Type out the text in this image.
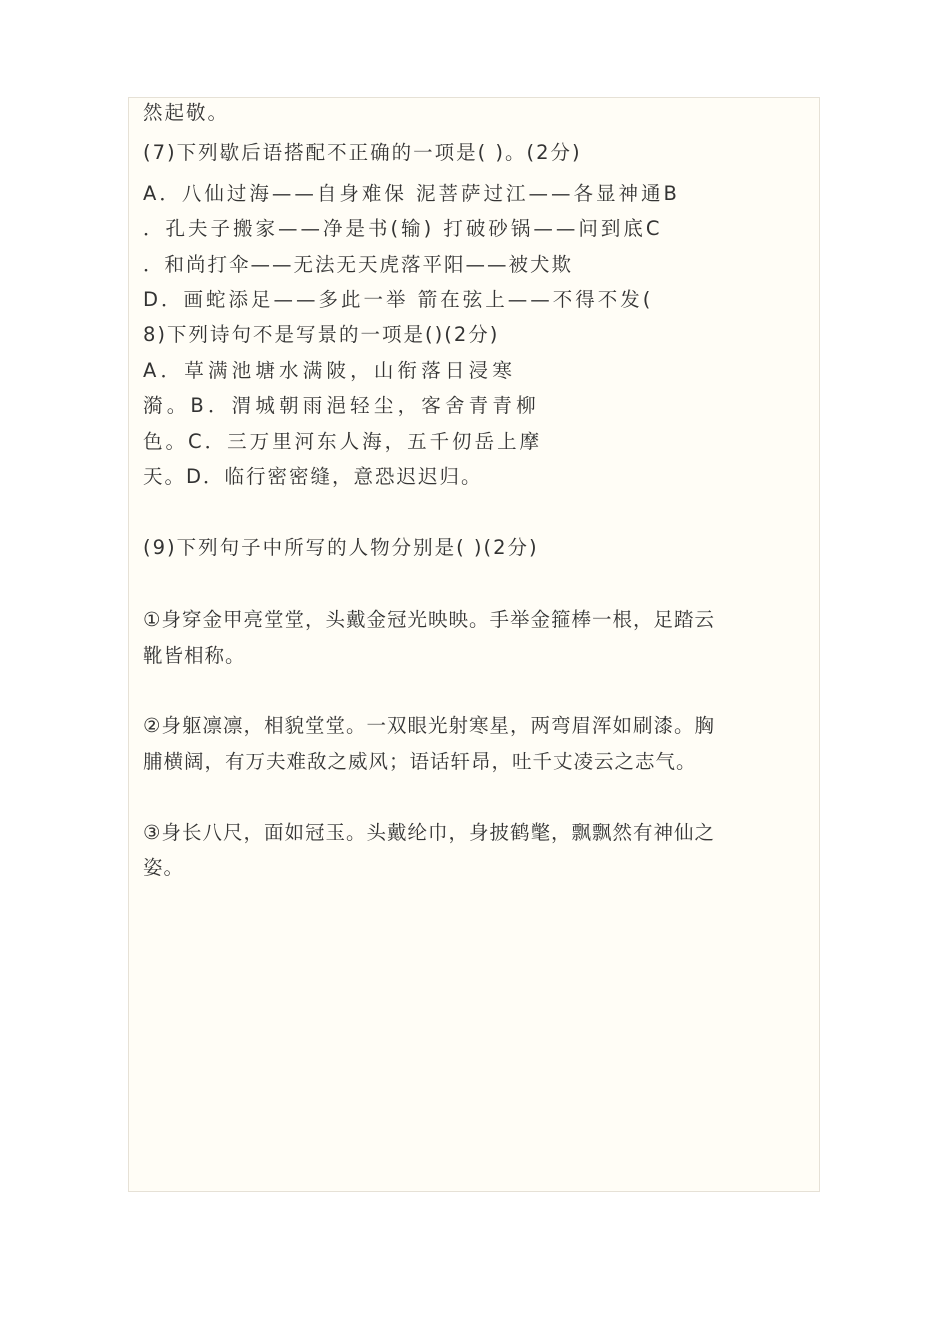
然起敬。
(7)下列歇后语搭配不正确的一项是( )。(2分)
A．八仙过海——自身难保 泥菩萨过江——各显神通B
．孔夫子搬家——净是书(输) 打破砂锅——问到底C
．和尚打伞——无法无天虎落平阳——被犬欺
D．画蛇添足——多此一举 箭在弦上——不得不发(
8)下列诗句不是写景的一项是()(2分)
A．草满池塘水满陂，山衔落日浸寒
漪。B．渭城朝雨浥轻尘，客舍青青柳
色。C．三万里河东人海，五千仞岳上摩
天。D．临行密密缝，意恐迟迟归。
(9)下列句子中所写的人物分别是( )(2分)
①身穿金甲亮堂堂，头戴金冠光映映。手举金箍棒一根，足踏云
靴皆相称。
②身躯凛凛，相貌堂堂。一双眼光射寒星，两弯眉浑如刷漆。胸
脯横阔，有万夫难敌之威风；语话轩昂，吐千丈凌云之志气。
③身长八尺，面如冠玉。头戴纶巾，身披鹤氅，飘飘然有神仙之
姿。
